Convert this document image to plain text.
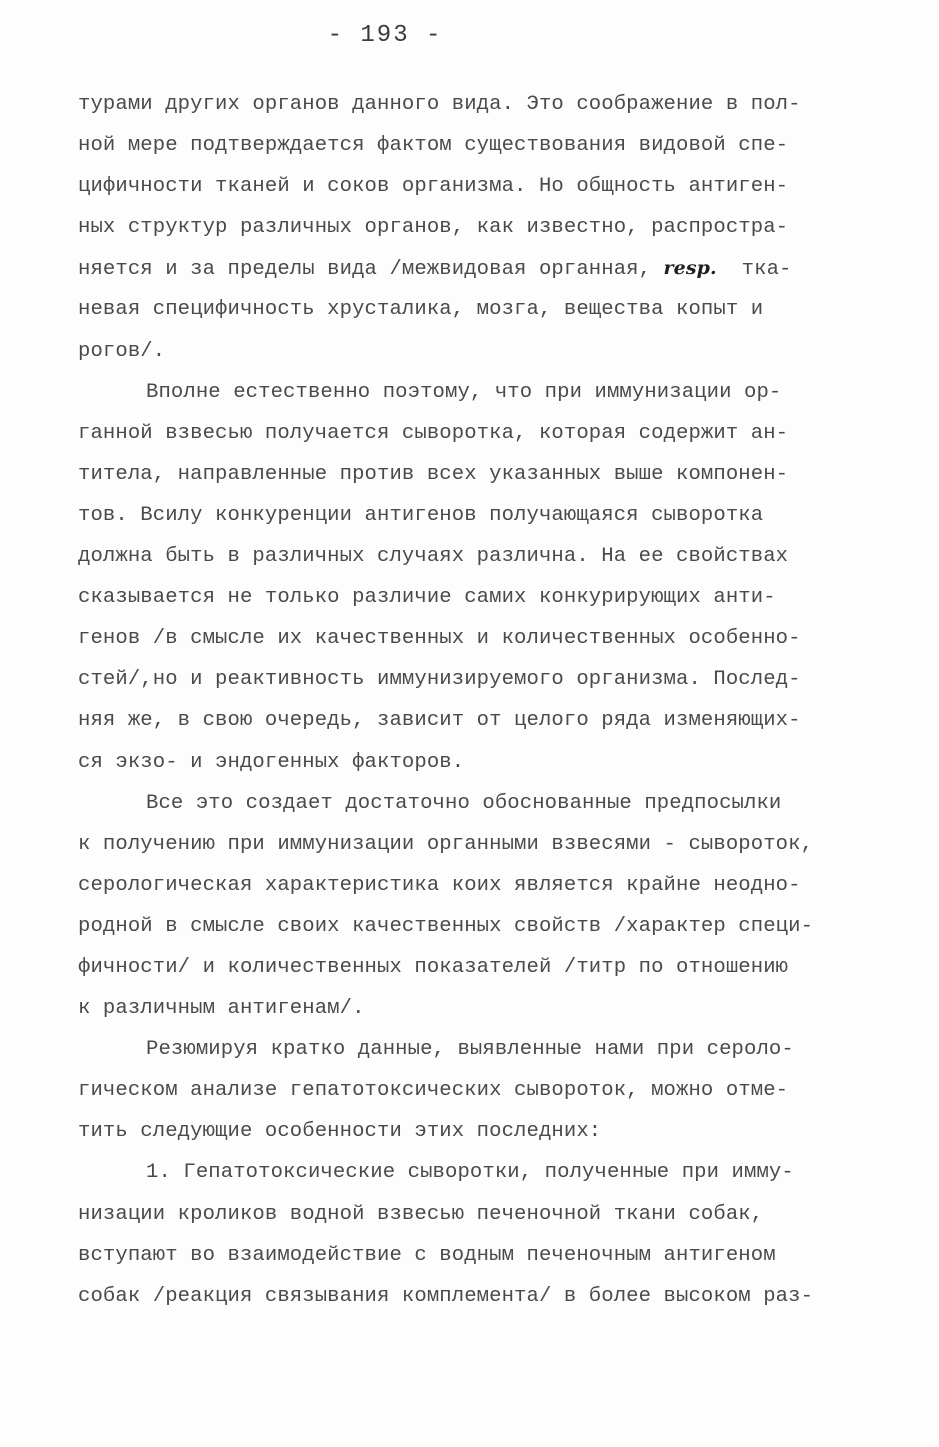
- 193 -
турами других органов данного вида. Это соображение в пол-
ной мере подтверждается фактом существования видовой спе-
цифичности тканей и соков организма. Но общность антиген-
ных структур различных органов, как известно, распростра-
няется и за пределы вида /межвидовая органная, resp.  тка-
невая специфичность хрусталика, мозга, вещества копыт и
рогов/.
Вполне естественно поэтому, что при иммунизации ор-
ганной взвесью получается сыворотка, которая содержит ан-
титела, направленные против всех указанных выше компонен-
тов. Всилу конкуренции антигенов получающаяся сыворотка
должна быть в различных случаях различна. На ее свойствах
сказывается не только различие самих конкурирующих анти-
генов /в смысле их качественных и количественных особенно-
стей/,но и реактивность иммунизируемого организма. Послед-
няя же, в свою очередь, зависит от целого ряда изменяющих-
ся экзо- и эндогенных факторов.
Все это создает достаточно обоснованные предпосылки
к получению при иммунизации органными взвесями - сывороток,
серологическая характеристика коих является крайне неодно-
родной в смысле своих качественных свойств /характер специ-
фичности/ и количественных показателей /титр по отношению
к различным антигенам/.
Резюмируя кратко данные, выявленные нами при сероло-
гическом анализе гепатотоксических сывороток, можно отме-
тить следующие особенности этих последних:
1. Гепатотоксические сыворотки, полученные при имму-
низации кроликов водной взвесью печеночной ткани собак,
вступают во взаимодействие с водным печеночным антигеном
собак /реакция связывания комплемента/ в более высоком раз-
